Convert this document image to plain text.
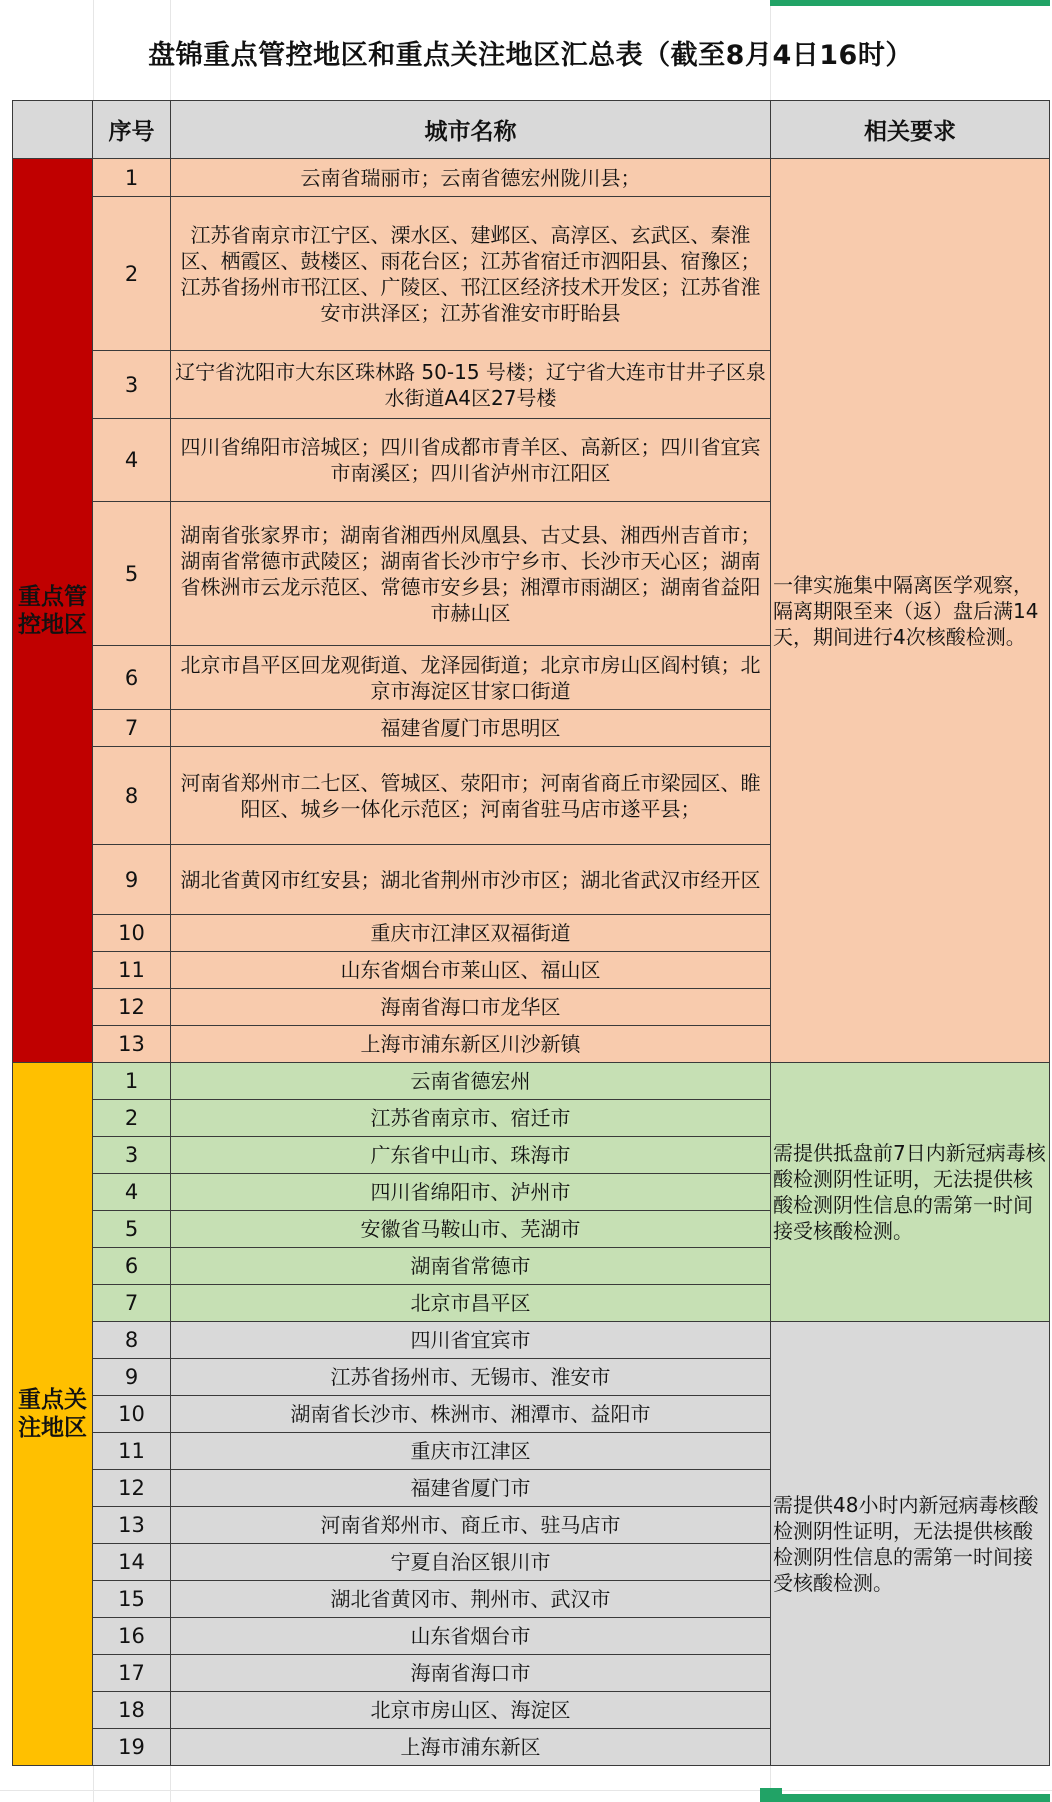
盘锦重点管控地区和重点关注地区汇总表（截至8月4日16时）
	序号	城市名称	相关要求
重点管控地区	1	云南省瑞丽市；云南省德宏州陇川县；	一律实施集中隔离医学观察，隔离期限至来（返）盘后满14天，期间进行4次核酸检测。
	2	江苏省南京市江宁区、溧水区、建邺区、高淳区、玄武区、秦淮区、栖霞区、鼓楼区、雨花台区；江苏省宿迁市泗阳县、宿豫区；江苏省扬州市邗江区、广陵区、邗江区经济技术开发区；江苏省淮安市洪泽区；江苏省淮安市盱眙县	
	3	辽宁省沈阳市大东区珠林路 50-15 号楼；辽宁省大连市甘井子区泉水街道A4区27号楼	
	4	四川省绵阳市涪城区；四川省成都市青羊区、高新区；四川省宜宾市南溪区；四川省泸州市江阳区	
	5	湖南省张家界市；湖南省湘西州凤凰县、古丈县、湘西州吉首市；湖南省常德市武陵区；湖南省长沙市宁乡市、长沙市天心区；湖南省株洲市云龙示范区、常德市安乡县；湘潭市雨湖区；湖南省益阳市赫山区	
	6	北京市昌平区回龙观街道、龙泽园街道；北京市房山区阎村镇；北京市海淀区甘家口街道	
	7	福建省厦门市思明区	
	8	河南省郑州市二七区、管城区、荥阳市；河南省商丘市梁园区、睢阳区、城乡一体化示范区；河南省驻马店市遂平县；	
	9	湖北省黄冈市红安县；湖北省荆州市沙市区；湖北省武汉市经开区	
	10	重庆市江津区双福街道	
	11	山东省烟台市莱山区、福山区	
	12	海南省海口市龙华区	
	13	上海市浦东新区川沙新镇	
重点关注地区	1	云南省德宏州	需提供抵盘前7日内新冠病毒核酸检测阴性证明，无法提供核酸检测阴性信息的需第一时间接受核酸检测。
	2	江苏省南京市、宿迁市	
	3	广东省中山市、珠海市	
	4	四川省绵阳市、泸州市	
	5	安徽省马鞍山市、芜湖市	
	6	湖南省常德市	
	7	北京市昌平区	
	8	四川省宜宾市	需提供48小时内新冠病毒核酸检测阴性证明，无法提供核酸检测阴性信息的需第一时间接受核酸检测。
	9	江苏省扬州市、无锡市、淮安市	
	10	湖南省长沙市、株洲市、湘潭市、益阳市	
	11	重庆市江津区	
	12	福建省厦门市	
	13	河南省郑州市、商丘市、驻马店市	
	14	宁夏自治区银川市	
	15	湖北省黄冈市、荆州市、武汉市	
	16	山东省烟台市	
	17	海南省海口市	
	18	北京市房山区、海淀区	
	19	上海市浦东新区	
